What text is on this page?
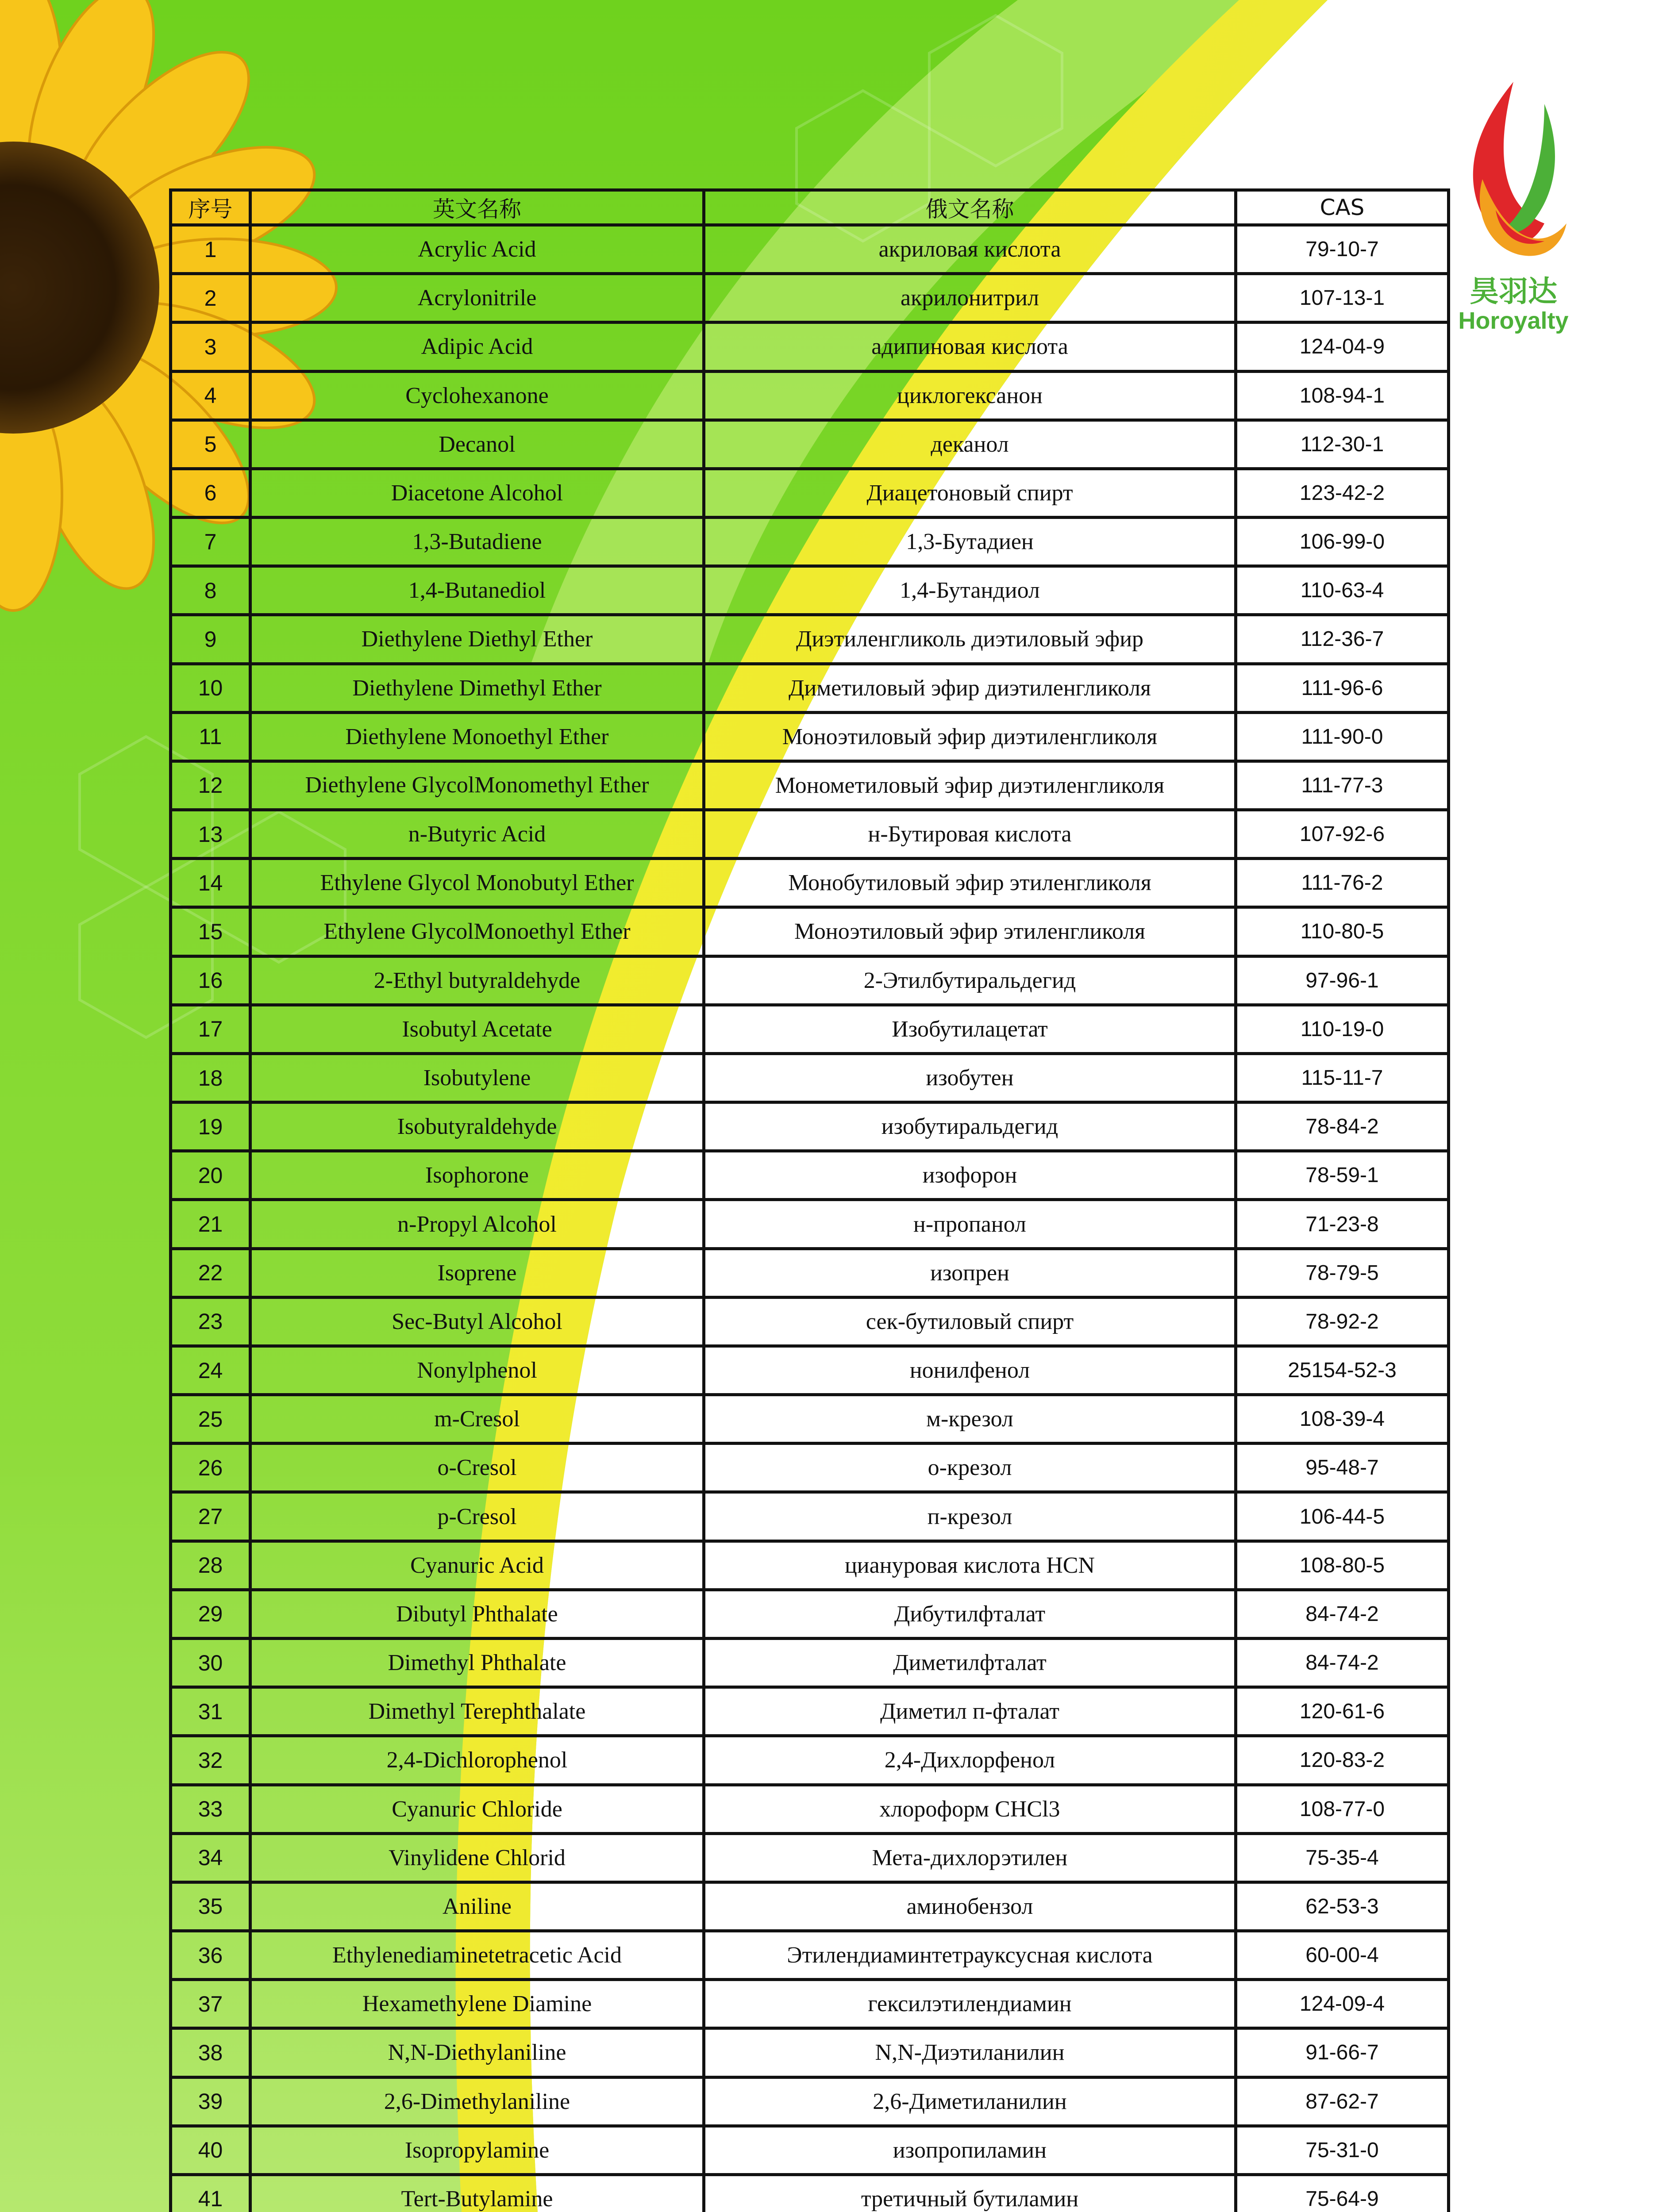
昊羽达
Horoyalty
序号	英文名称	俄文名称	CAS
1	Acrylic Acid	акриловая кислота	79-10-7
2	Acrylonitrile	акрилонитрил	107-13-1
3	Adipic Acid	адипиновая кислота	124-04-9
4	Cyclohexanone	циклогексанон	108-94-1
5	Decanol	деканол	112-30-1
6	Diacetone Alcohol	Диацетоновый спирт	123-42-2
7	1,3-Butadiene	1,3-Бутадиен	106-99-0
8	1,4-Butanediol	1,4-Бутандиол	110-63-4
9	Diethylene Diethyl Ether	Диэтиленгликоль диэтиловый эфир	112-36-7
10	Diethylene Dimethyl Ether	Диметиловый эфир диэтиленгликоля	111-96-6
11	Diethylene Monoethyl Ether	Моноэтиловый эфир диэтиленгликоля	111-90-0
12	Diethylene GlycolMonomethyl Ether	Монометиловый эфир диэтиленгликоля	111-77-3
13	n-Butyric Acid	н-Бутировая кислота	107-92-6
14	Ethylene Glycol Monobutyl Ether	Монобутиловый эфир этиленгликоля	111-76-2
15	Ethylene GlycolMonoethyl Ether	Моноэтиловый эфир этиленгликоля	110-80-5
16	2-Ethyl butyraldehyde	2-Этилбутиральдегид	97-96-1
17	Isobutyl Acetate	Изобутилацетат	110-19-0
18	Isobutylene	изобутен	115-11-7
19	Isobutyraldehyde	изобутиральдегид	78-84-2
20	Isophorone	изофорон	78-59-1
21	n-Propyl Alcohol	н-пропанол	71-23-8
22	Isoprene	изопрен	78-79-5
23	Sec-Butyl Alcohol	сек-бутиловый спирт	78-92-2
24	Nonylphenol	нонилфенол	25154-52-3
25	m-Cresol	м-крезол	108-39-4
26	o-Cresol	о-крезол	95-48-7
27	p-Cresol	п-крезол	106-44-5
28	Cyanuric Acid	циануровая кислота HCN	108-80-5
29	Dibutyl Phthalate	Дибутилфталат	84-74-2
30	Dimethyl Phthalate	Диметилфталат	84-74-2
31	Dimethyl Terephthalate	Диметил п-фталат	120-61-6
32	2,4-Dichlorophenol	2,4-Дихлорфенол	120-83-2
33	Cyanuric Chloride	хлороформ CHCl3	108-77-0
34	Vinylidene Chlorid	Мета-дихлорэтилен	75-35-4
35	Aniline	аминобензол	62-53-3
36	Ethylenediaminetetracetic Acid	Этилендиаминтетрауксусная кислота	60-00-4
37	Hexamethylene Diamine	гексилэтилендиамин	124-09-4
38	N,N-Diethylaniline	N,N-Диэтиланилин	91-66-7
39	2,6-Dimethylaniline	2,6-Диметиланилин	87-62-7
40	Isopropylamine	изопропиламин	75-31-0
41	Tert-Butylamine	третичный бутиламин	75-64-9
